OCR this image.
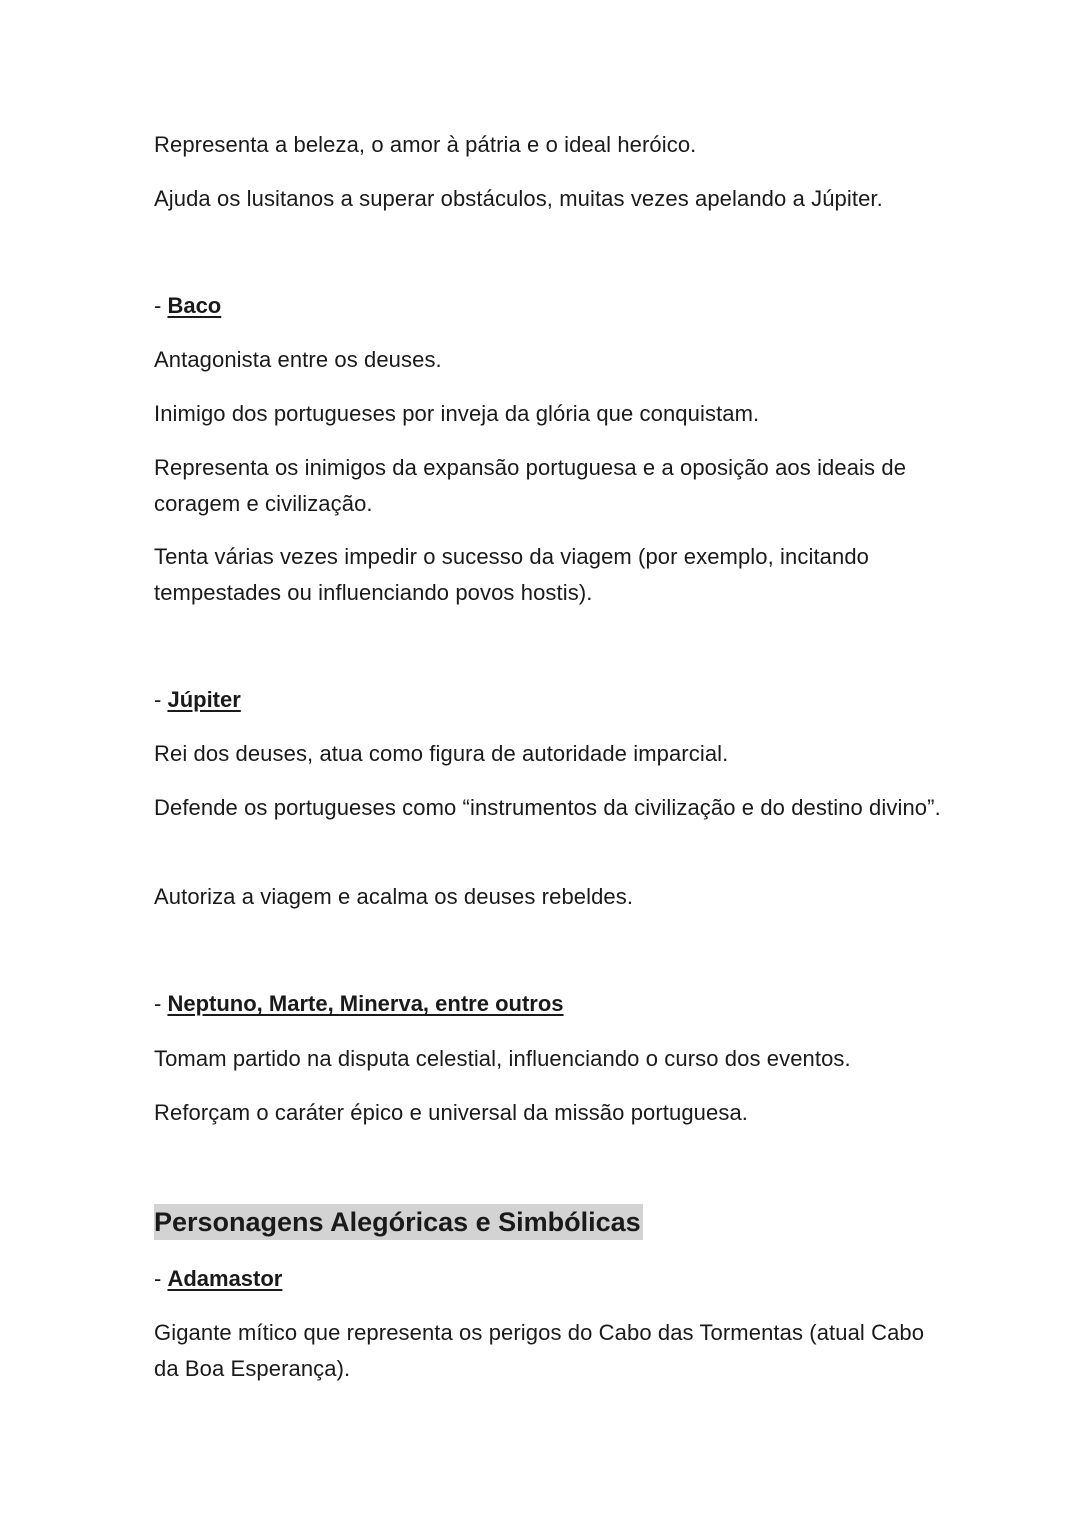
Representa a beleza, o amor à pátria e o ideal heróico.

Ajuda os lusitanos a superar obstáculos, muitas vezes apelando a Júpiter.

- Baco

Antagonista entre os deuses.

Inimigo dos portugueses por inveja da glória que conquistam.

Representa os inimigos da expansão portuguesa e a oposição aos ideais de coragem e civilização.

Tenta várias vezes impedir o sucesso da viagem (por exemplo, incitando tempestades ou influenciando povos hostis).

- Júpiter

Rei dos deuses, atua como figura de autoridade imparcial.

Defende os portugueses como “instrumentos da civilização e do destino divino”.

Autoriza a viagem e acalma os deuses rebeldes.

- Neptuno, Marte, Minerva, entre outros

Tomam partido na disputa celestial, influenciando o curso dos eventos.

Reforçam o caráter épico e universal da missão portuguesa.

Personagens Alegóricas e Simbólicas

- Adamastor

Gigante mítico que representa os perigos do Cabo das Tormentas (atual Cabo da Boa Esperança).
